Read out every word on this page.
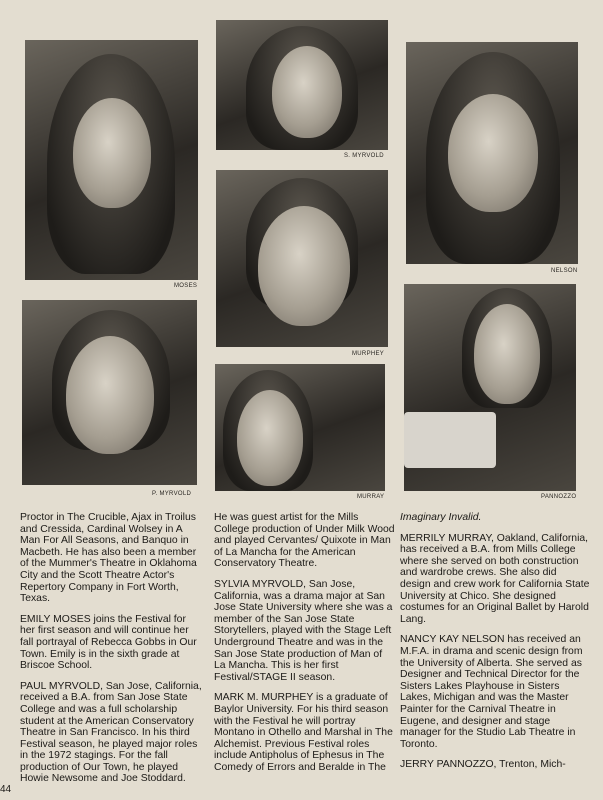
MOSES
S. MYRVOLD
NELSON
MURPHEY
P. MYRVOLD	MURRAY	PANNOZZO

Proctor in The Crucible, Ajax in Troilus and Cressida, Cardinal Wolsey in A Man For All Seasons, and Banquo in Macbeth. He has also been a member of the Mummer's Theatre in Oklahoma City and the Scott Theatre Actor's Repertory Company in Fort Worth, Texas.

EMILY MOSES joins the Festival for her first season and will continue her fall portrayal of Rebecca Gobbs in Our Town. Emily is in the sixth grade at Briscoe School.

PAUL MYRVOLD, San Jose, California, received a B.A. from San Jose State College and was a full scholarship student at the American Conservatory Theatre in San Francisco. In his third Festival season, he played major roles in the 1972 stagings. For the fall production of Our Town, he played Howie Newsome and Joe Stoddard.

He was guest artist for the Mills College production of Under Milk Wood and played Cervantes/ Quixote in Man of La Mancha for the American Conservatory Theatre.

SYLVIA MYRVOLD, San Jose, California, was a drama major at San Jose State University where she was a member of the San Jose State Storytellers, played with the Stage Left Underground Theatre and was in the San Jose State production of Man of La Mancha. This is her first Festival/STAGE II season.

MARK M. MURPHEY is a graduate of Baylor University. For his third season with the Festival he will portray Montano in Othello and Marshal in The Alchemist. Previous Festival roles include Antipholus of Ephesus in The Comedy of Errors and Beralde in The

Imaginary Invalid.

MERRILY MURRAY, Oakland, California, has received a B.A. from Mills College where she served on both construction and wardrobe crews. She also did design and crew work for California State University at Chico. She designed costumes for an Original Ballet by Harold Lang.

NANCY KAY NELSON has received an M.F.A. in drama and scenic design from the University of Alberta. She served as Designer and Technical Director for the Sisters Lakes Playhouse in Sisters Lakes, Michigan and was the Master Painter for the Carnival Theatre in Eugene, and designer and stage manager for the Studio Lab Theatre in Toronto.

JERRY PANNOZZO, Trenton, Mich-

44
